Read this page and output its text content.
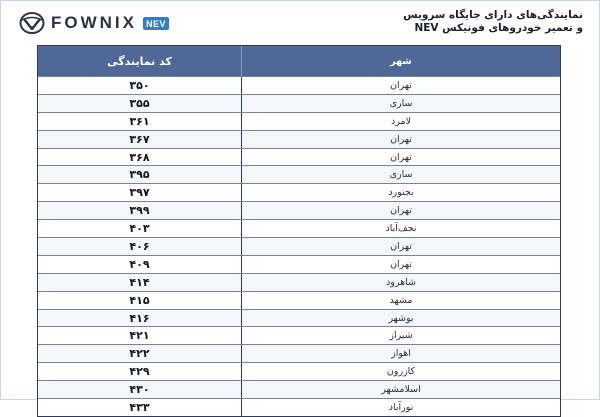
FOWNIX	NEV
نمایندگی‌های دارای جایگاه سرویس
و تعمیر خودروهای فونیکس NEV
کد نمایندگی	شهر
۳۵۰	تهران
۳۵۵	ساری
۳۶۱	لامرد
۳۶۷	تهران
۳۶۸	تهران
۳۹۵	ساری
۳۹۷	بجنورد
۳۹۹	تهران
۴۰۳	نجف‌آباد
۴۰۶	تهران
۴۰۹	تهران
۴۱۴	شاهرود
۴۱۵	مشهد
۴۱۶	بوشهر
۴۲۱	شیراز
۴۲۲	اهواز
۴۲۹	کازرون
۴۳۰	اسلامشهر
۴۳۳	نورآباد
